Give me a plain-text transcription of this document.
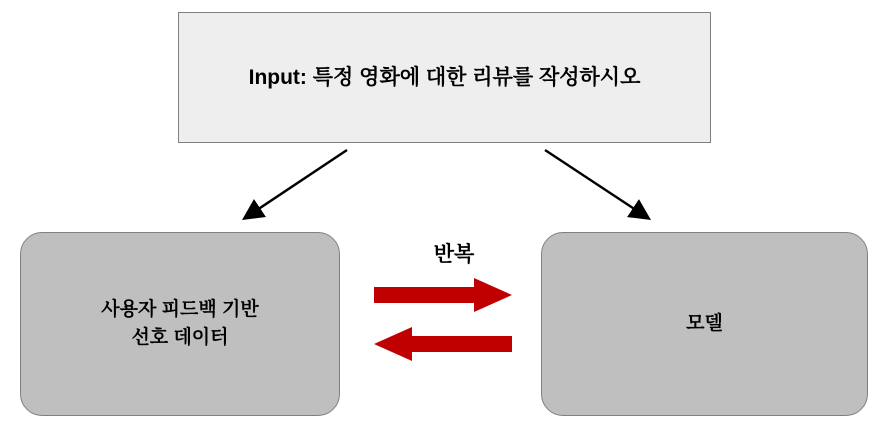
Input: 특정 영화에 대한 리뷰를 작성하시오
사용자 피드백 기반
선호 데이터
모델
반복
